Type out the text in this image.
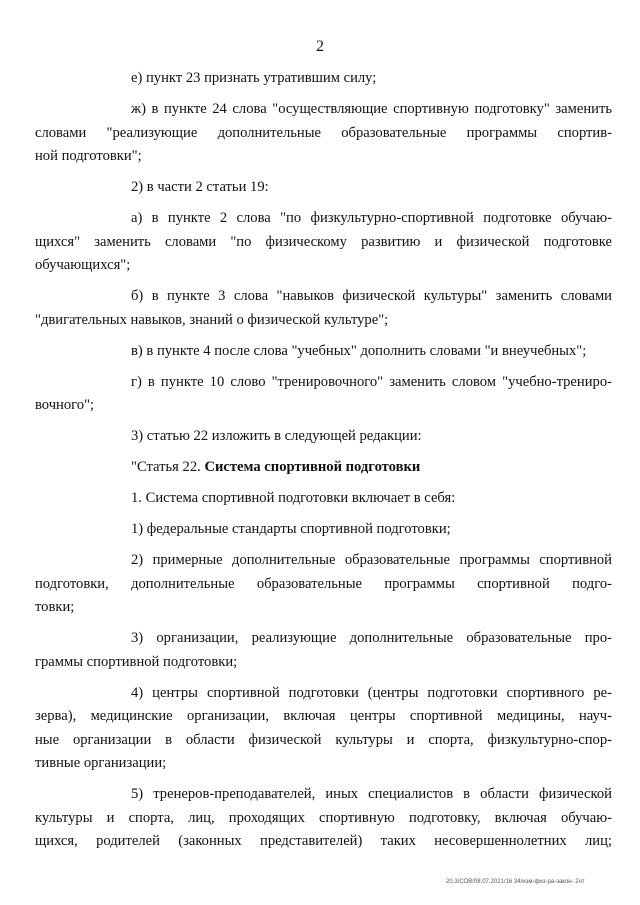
2

е) пункт 23 признать утратившим силу;

ж) в пункте 24 слова "осуществляющие спортивную подготовку" заменить
словами "реализующие дополнительные образовательные программы спортив-
ной подготовки";

2) в части 2 статьи 19:

а) в пункте 2 слова "по физкультурно-спортивной подготовке обучаю-
щихся" заменить словами "по физическому развитию и физической подготовке
обучающихся";

б) в пункте 3 слова "навыков физической культуры" заменить словами
"двигательных навыков, знаний о физической культуре";

в) в пункте 4 после слова "учебных" дополнить словами "и внеучебных";

г) в пункте 10 слово "тренировочного" заменить словом "учебно-трениро-
вочного";

3) статью 22 изложить в следующей редакции:

"Статья 22. Система спортивной подготовки

1. Система спортивной подготовки включает в себя:

1) федеральные стандарты спортивной подготовки;

2) примерные дополнительные образовательные программы спортивной
подготовки, дополнительные образовательные программы спортивной подго-
товки;

3) организации, реализующие дополнительные образовательные про-
граммы спортивной подготовки;

4) центры спортивной подготовки (центры подготовки спортивного ре-
зерва), медицинские организации, включая центры спортивной медицины, науч-
ные организации в области физической культуры и спорта, физкультурно-спор-
тивные организации;

5) тренеров-преподавателей, иных специалистов в области физической
культуры и спорта, лиц, проходящих спортивную подготовку, включая обучаю-
щихся, родителей (законных представителей) таких несовершеннолетних лиц;

20.3/СОВ/08.07.2021/16 34/изм-физ-ра-закон- 2чт
